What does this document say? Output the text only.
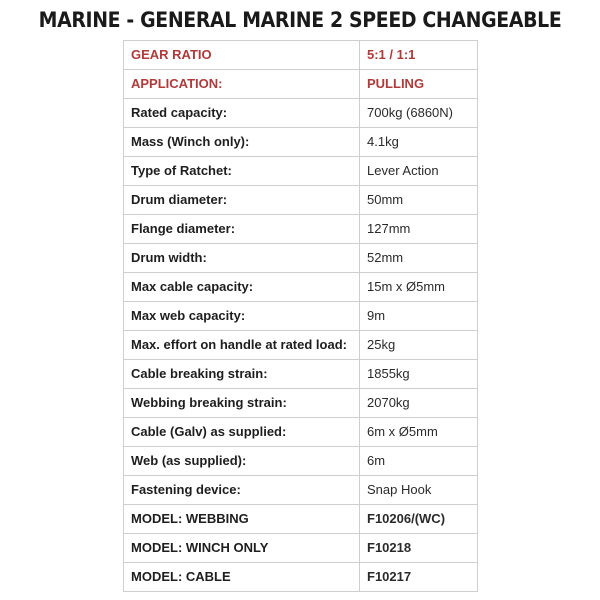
MARINE - GENERAL MARINE 2 SPEED CHANGEABLE
GEAR RATIO	5:1 / 1:1
APPLICATION:	PULLING
Rated capacity:	700kg (6860N)
Mass (Winch only):	4.1kg
Type of Ratchet:	Lever Action
Drum diameter:	50mm
Flange diameter:	127mm
Drum width:	52mm
Max cable capacity:	15m x Ø5mm
Max web capacity:	9m
Max. effort on handle at rated load:	25kg
Cable breaking strain:	1855kg
Webbing breaking strain:	2070kg
Cable (Galv) as supplied:	6m x Ø5mm
Web (as supplied):	6m
Fastening device:	Snap Hook
MODEL: WEBBING	F10206/(WC)
MODEL: WINCH ONLY	F10218
MODEL: CABLE	F10217
